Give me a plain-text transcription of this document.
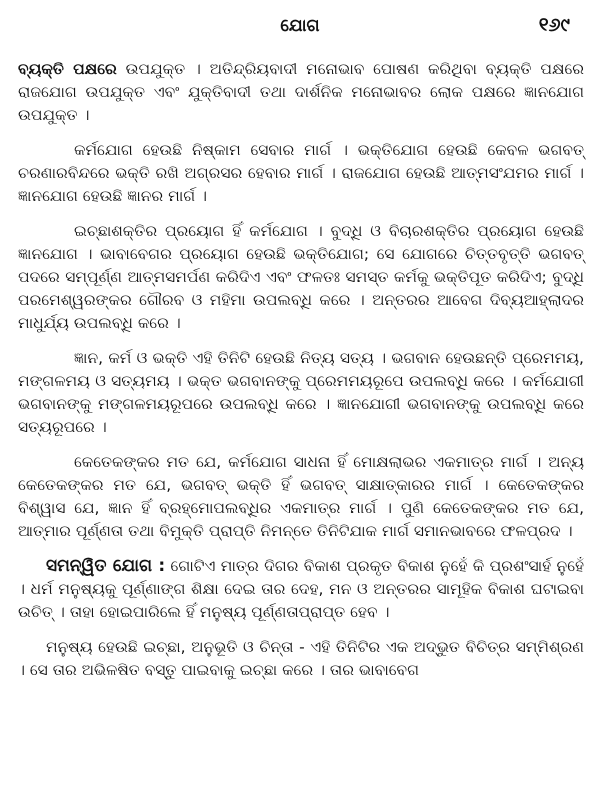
ଯୋଗ	୧୬୯

ବ୍ୟକ୍ତି ପକ୍ଷରେ ଉପଯୁକ୍ତ । ଅତିନ୍ଦ୍ରିୟବାଦୀ ମନୋଭାବ ପୋଷଣ କରିଥିବା ବ୍ୟକ୍ତି ପକ୍ଷରେ ରାଜଯୋଗ ଉପଯୁକ୍ତ ଏବଂ ଯୁକ୍ତିବାଦୀ ତଥା ଦାର୍ଶନିକ ମନୋଭାବର ଲୋକ ପକ୍ଷରେ ଜ୍ଞାନଯୋଗ ଉପଯୁକ୍ତ ।

କର୍ମଯୋଗ ହେଉଛି ନିଷ୍କାମ ସେବାର ମାର୍ଗ । ଭକ୍ତିଯୋଗ ହେଉଛି କେବଳ ଭଗବତ୍ ଚରଣାରବିନ୍ଦରେ ଭକ୍ତି ରଖି ଅଗ୍ରସର ହେବାର ମାର୍ଗ । ରାଜଯୋଗ ହେଉଛି ଆତ୍ମସଂଯମର ମାର୍ଗ । ଜ୍ଞାନଯୋଗ ହେଉଛି ଜ୍ଞାନର ମାର୍ଗ ।

ଇଚ୍ଛାଶକ୍ତିର ପ୍ରୟୋଗ ହିଁ କର୍ମଯୋଗ । ବୁଦ୍ଧି ଓ ବିଚାରଶକ୍ତିର ପ୍ରୟୋଗ ହେଉଛି ଜ୍ଞାନଯୋଗ । ଭାବାବେଗର ପ୍ରୟୋଗ ହେଉଛି ଭକ୍ତିଯୋଗ; ସେ ଯୋଗରେ ଚିତ୍ତବୃତ୍ତି ଭଗବତ୍ ପଦରେ ସମ୍ପୂର୍ଣ୍ଣ ଆତ୍ମସମର୍ପଣ କରିଦିଏ ଏବଂ ଫଳତଃ ସମସ୍ତ କର୍ମକୁ ଭକ୍ତିପୂତ କରିଦିଏ; ବୁଦ୍ଧି ପରମେଶ୍ୱରଙ୍କର ଗୌରବ ଓ ମହିମା ଉପଲବ୍ଧି କରେ । ଅନ୍ତରର ଆବେଗ ଦିବ୍ୟଆହ୍ଲାଦର ମାଧୁର୍ଯ୍ୟ ଉପଲବ୍ଧି କରେ ।

ଜ୍ଞାନ, କର୍ମ ଓ ଭକ୍ତି ଏହି ତିନିଟି ହେଉଛି ନିତ୍ୟ ସତ୍ୟ । ଭଗବାନ ହେଉଛନ୍ତି ପ୍ରେମମୟ, ମଙ୍ଗଳମୟ ଓ ସତ୍ୟମୟ । ଭକ୍ତ ଭଗବାନଙ୍କୁ ପ୍ରେମମୟରୂପେ ଉପଲବ୍ଧି କରେ । କର୍ମଯୋଗୀ ଭଗବାନଙ୍କୁ ମଙ୍ଗଳମୟରୂପରେ ଉପଲବ୍ଧି କରେ । ଜ୍ଞାନଯୋଗୀ ଭଗବାନଙ୍କୁ ଉପଲବ୍ଧି କରେ ସତ୍ୟରୂପରେ ।

କେତେକଙ୍କର ମତ ଯେ, କର୍ମଯୋଗ ସାଧନା ହିଁ ମୋକ୍ଷଲାଭର ଏକମାତ୍ର ମାର୍ଗ । ଅନ୍ୟ କେତେକଙ୍କର ମତ ଯେ, ଭଗବତ୍ ଭକ୍ତି ହିଁ ଭଗବତ୍ ସାକ୍ଷାତ୍କାରର ମାର୍ଗ । କେତେକଙ୍କର ବିଶ୍ୱାସ ଯେ, ଜ୍ଞାନ ହିଁ ବ୍ରହ୍ମୋପଲବ୍ଧିର ଏକମାତ୍ର ମାର୍ଗ । ପୁଣି କେତେକଙ୍କର ମତ ଯେ, ଆତ୍ମାର ପୂର୍ଣ୍ଣତା ତଥା ବିମୁକ୍ତି ପ୍ରାପ୍ତି ନିମନ୍ତେ ତିନିଟିଯାକ ମାର୍ଗ ସମାନଭାବରେ ଫଳପ୍ରଦ ।

ସମନ୍ୱିତ ଯୋଗ : ଗୋଟିଏ ମାତ୍ର ଦିଗର ବିକାଶ ପ୍ରକୃତ ବିକାଶ ନୁହେଁ କି ପ୍ରଶଂସାର୍ହ ନୁହେଁ । ଧର୍ମ ମନୁଷ୍ୟକୁ ପୂର୍ଣ୍ଣାଙ୍ଗ ଶିକ୍ଷା ଦେଇ ତାର ଦେହ, ମନ ଓ ଅନ୍ତରର ସାମୂହିକ ବିକାଶ ଘଟାଇବା ଉଚିତ୍ । ତାହା ହୋଇପାରିଲେ ହିଁ ମନୁଷ୍ୟ ପୂର୍ଣ୍ଣତାପ୍ରାପ୍ତ ହେବ ।

ମନୁଷ୍ୟ ହେଉଛି ଇଚ୍ଛା, ଅନୁଭୂତି ଓ ଚିନ୍ତା - ଏହି ତିନିଟିର ଏକ ଅଦ୍ଭୁତ ବିଚିତ୍ର ସମ୍ମିଶ୍ରଣ । ସେ ତାର ଅଭିଳଷିତ ବସ୍ତୁ ପାଇବାକୁ ଇଚ୍ଛା କରେ । ତାର ଭାବାବେଗ
